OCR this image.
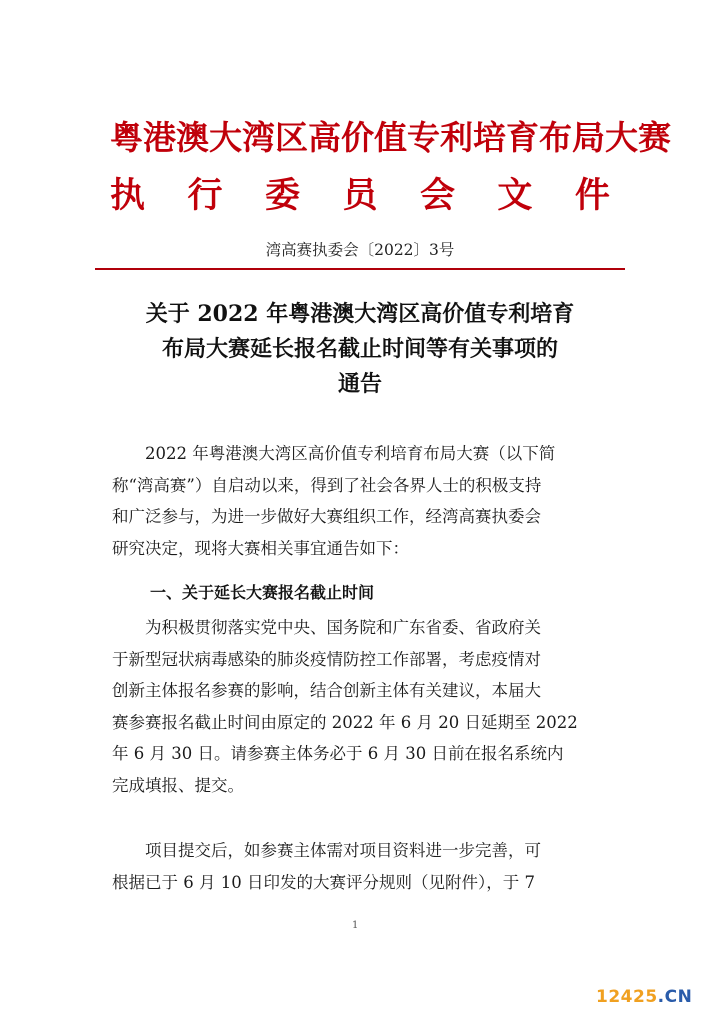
粤港澳大湾区高价值专利培育布局大赛
执 行 委 员 会 文 件
湾高赛执委会〔2022〕3号
关于 2022 年粤港澳大湾区高价值专利培育
布局大赛延长报名截止时间等有关事项的
通告
　　2022 年粤港澳大湾区高价值专利培育布局大赛（以下简
称“湾高赛”）自启动以来，得到了社会各界人士的积极支持
和广泛参与，为进一步做好大赛组织工作，经湾高赛执委会
研究决定，现将大赛相关事宜通告如下：
一、关于延长大赛报名截止时间
　　为积极贯彻落实党中央、国务院和广东省委、省政府关
于新型冠状病毒感染的肺炎疫情防控工作部署，考虑疫情对
创新主体报名参赛的影响，结合创新主体有关建议，本届大
赛参赛报名截止时间由原定的 2022 年 6 月 20 日延期至 2022
年 6 月 30 日。请参赛主体务必于 6 月 30 日前在报名系统内
完成填报、提交。
　　项目提交后，如参赛主体需对项目资料进一步完善，可
根据已于 6 月 10 日印发的大赛评分规则（见附件），于 7
1
12425.CN
